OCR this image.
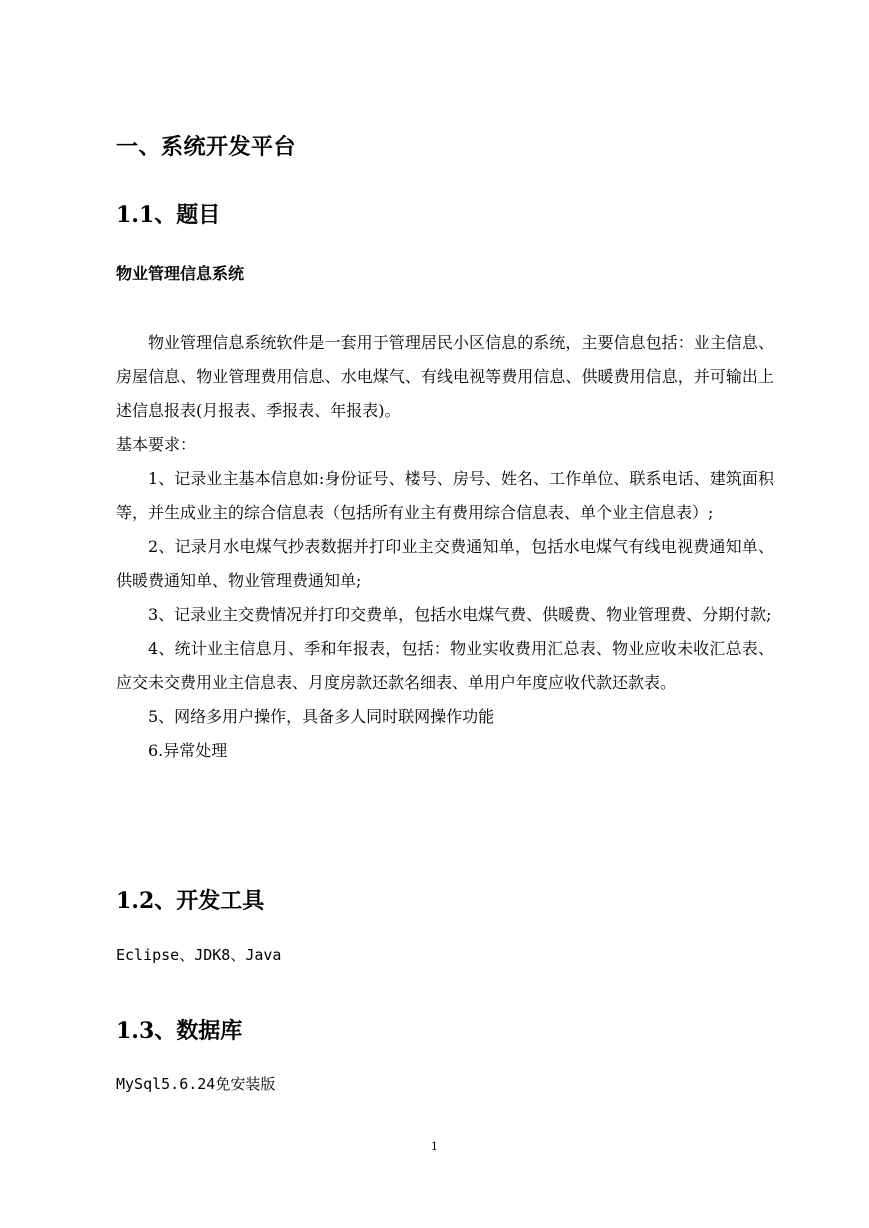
一、系统开发平台
1.1、题目
物业管理信息系统

物业管理信息系统软件是一套用于管理居民小区信息的系统，主要信息包括：业主信息、房屋信息、物业管理费用信息、水电煤气、有线电视等费用信息、供暖费用信息，并可输出上述信息报表(月报表、季报表、年报表)。

基本要求：

1、记录业主基本信息如:身份证号、楼号、房号、姓名、工作单位、联系电话、建筑面积等，并生成业主的综合信息表（包括所有业主有费用综合信息表、单个业主信息表）;

2、记录月水电煤气抄表数据并打印业主交费通知单，包括水电煤气有线电视费通知单、供暖费通知单、物业管理费通知单;

3、记录业主交费情况并打印交费单，包括水电煤气费、供暖费、物业管理费、分期付款;

4、统计业主信息月、季和年报表，包括：物业实收费用汇总表、物业应收未收汇总表、应交未交费用业主信息表、月度房款还款名细表、单用户年度应收代款还款表。

5、网络多用户操作，具备多人同时联网操作功能

6.异常处理

1.2、开发工具
Eclipse、JDK8、Java
1.3、数据库
MySql5.6.24免安装版
1
